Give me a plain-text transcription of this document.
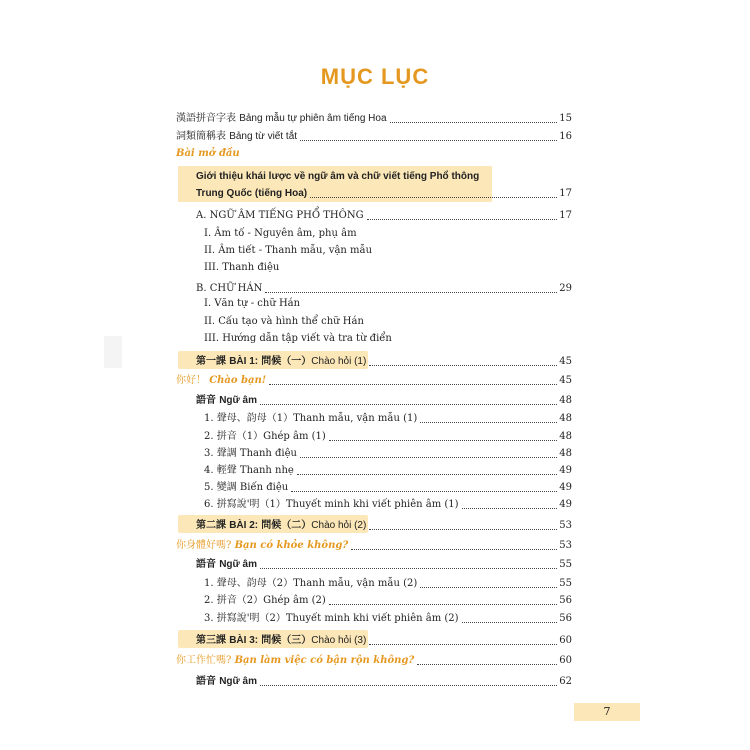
MỤC LỤC
漢語拼音字表 Bảng mẫu tự phiên âm tiếng Hoa	15
詞類簡稱表 Bảng từ viết tắt	16
Bài mở đầu
Giới thiệu khái lược về ngữ âm và chữ viết tiếng Phổ thông
Trung Quốc (tiếng Hoa)	17
A. NGỮ ÂM TIẾNG PHỔ THÔNG	17
I. Âm tố - Nguyên âm, phụ âm
II. Âm tiết - Thanh mẫu, vận mẫu
III. Thanh điệu
B. CHỮ HÁN	29
I. Văn tự - chữ Hán
II. Cấu tạo và hình thể chữ Hán
III. Hướng dẫn tập viết và tra từ điển
第一課 BÀI 1: 問候（一）Chào hỏi (1)	45
你好！ Chào bạn!	45
語音 Ngữ âm	48
1. 聲母、韵母（1）Thanh mẫu, vận mẫu (1)	48
2. 拼音（1）Ghép âm (1)	48
3. 聲調 Thanh điệu	48
4. 輕聲 Thanh nhẹ	49
5. 變調 Biến điệu	49
6. 拼寫說'明（1）Thuyết minh khi viết phiên âm (1)	49
第二課 BÀI 2: 問候（二）Chào hỏi (2)	53
你身體好嗎? Bạn có khỏe không?	53
語音 Ngữ âm	55
1. 聲母、韵母（2）Thanh mẫu, vận mẫu (2)	55
2. 拼音（2）Ghép âm (2)	56
3. 拼寫說'明（2）Thuyết minh khi viết phiên âm (2)	56
第三課 BÀI 3: 問候（三）Chào hỏi (3)	60
你工作忙嗎? Bạn làm việc có bận rộn không?	60
語音 Ngữ âm	62
7
